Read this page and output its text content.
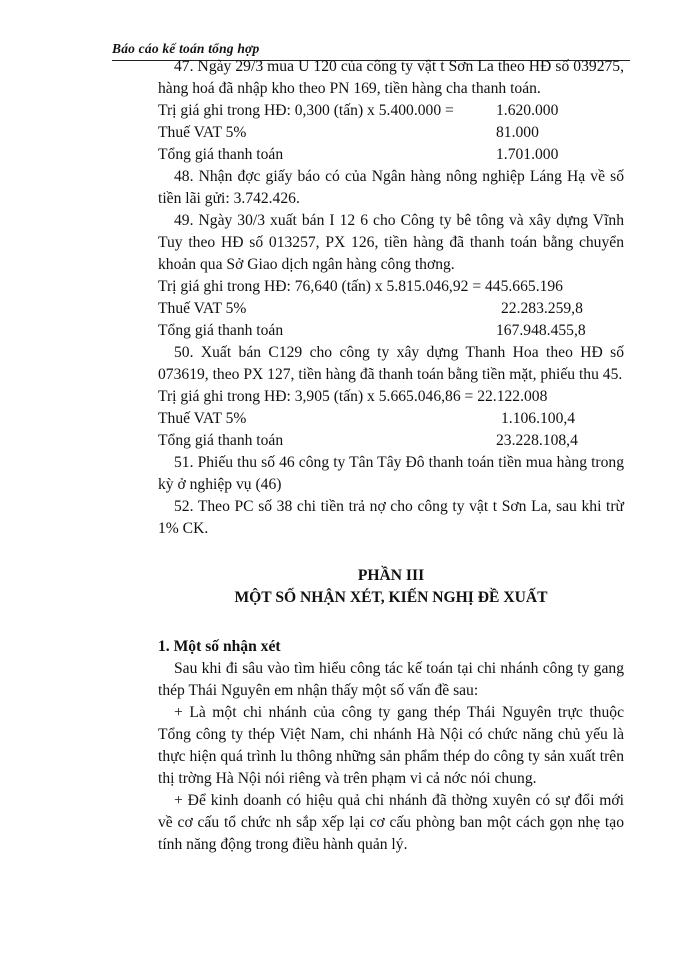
Báo cáo kế toán tổng hợp

47. Ngày 29/3 mua U 120 của công ty vật t Sơn La theo HĐ số 039275, hàng hoá đã nhập kho theo PN 169, tiền hàng cha thanh toán.

Trị giá ghi trong HĐ: 0,300 (tấn) x 5.400.000 =	1.620.000
Thuế VAT 5%	81.000
Tổng giá thanh toán	1.701.000

48. Nhận đợc giấy báo có của Ngân hàng nông nghiệp Láng Hạ về số tiền lãi gửi: 3.742.426.

49. Ngày 30/3 xuất bán I 12 6 cho Công ty bê tông và xây dựng Vĩnh Tuy theo HĐ số 013257, PX 126, tiền hàng đã thanh toán bằng chuyển khoản qua Sở Giao dịch ngân hàng công thơng.

Trị giá ghi trong HĐ: 76,640 (tấn) x 5.815.046,92 = 445.665.196
Thuế VAT 5%	22.283.259,8
Tổng giá thanh toán	167.948.455,8

50. Xuất bán C129 cho công ty xây dựng Thanh Hoa theo HĐ số 073619, theo PX 127, tiền hàng đã thanh toán bằng tiền mặt, phiếu thu 45.

Trị giá ghi trong HĐ: 3,905 (tấn) x 5.665.046,86 = 22.122.008
Thuế VAT 5%	1.106.100,4
Tổng giá thanh toán	23.228.108,4

51. Phiếu thu số 46 công ty Tân Tây Đô thanh toán tiền mua hàng trong kỳ ở nghiệp vụ (46)

52. Theo PC số 38 chi tiền trả nợ cho công ty vật t Sơn La, sau khi trừ 1% CK.

PHẦN III
MỘT SỐ NHẬN XÉT, KIẾN NGHỊ ĐỀ XUẤT
1. Một số nhận xét

Sau khi đi sâu vào tìm hiểu công tác kế toán tại chi nhánh công ty gang thép Thái Nguyên em nhận thấy một số vấn đề sau:

+ Là một chi nhánh của công ty gang thép Thái Nguyên trực thuộc Tổng công ty thép Việt Nam, chi nhánh Hà Nội có chức năng chủ yếu là thực hiện quá trình lu thông những sản phẩm thép do công ty sản xuất trên thị trờng Hà Nội nói riêng và trên phạm vi cả nớc nói chung.

+ Để kinh doanh có hiệu quả chi nhánh đã thờng xuyên có sự đổi mới về cơ cấu tổ chức nh sắp xếp lại cơ cấu phòng ban một cách gọn nhẹ tạo tính năng động trong điều hành quản lý.
